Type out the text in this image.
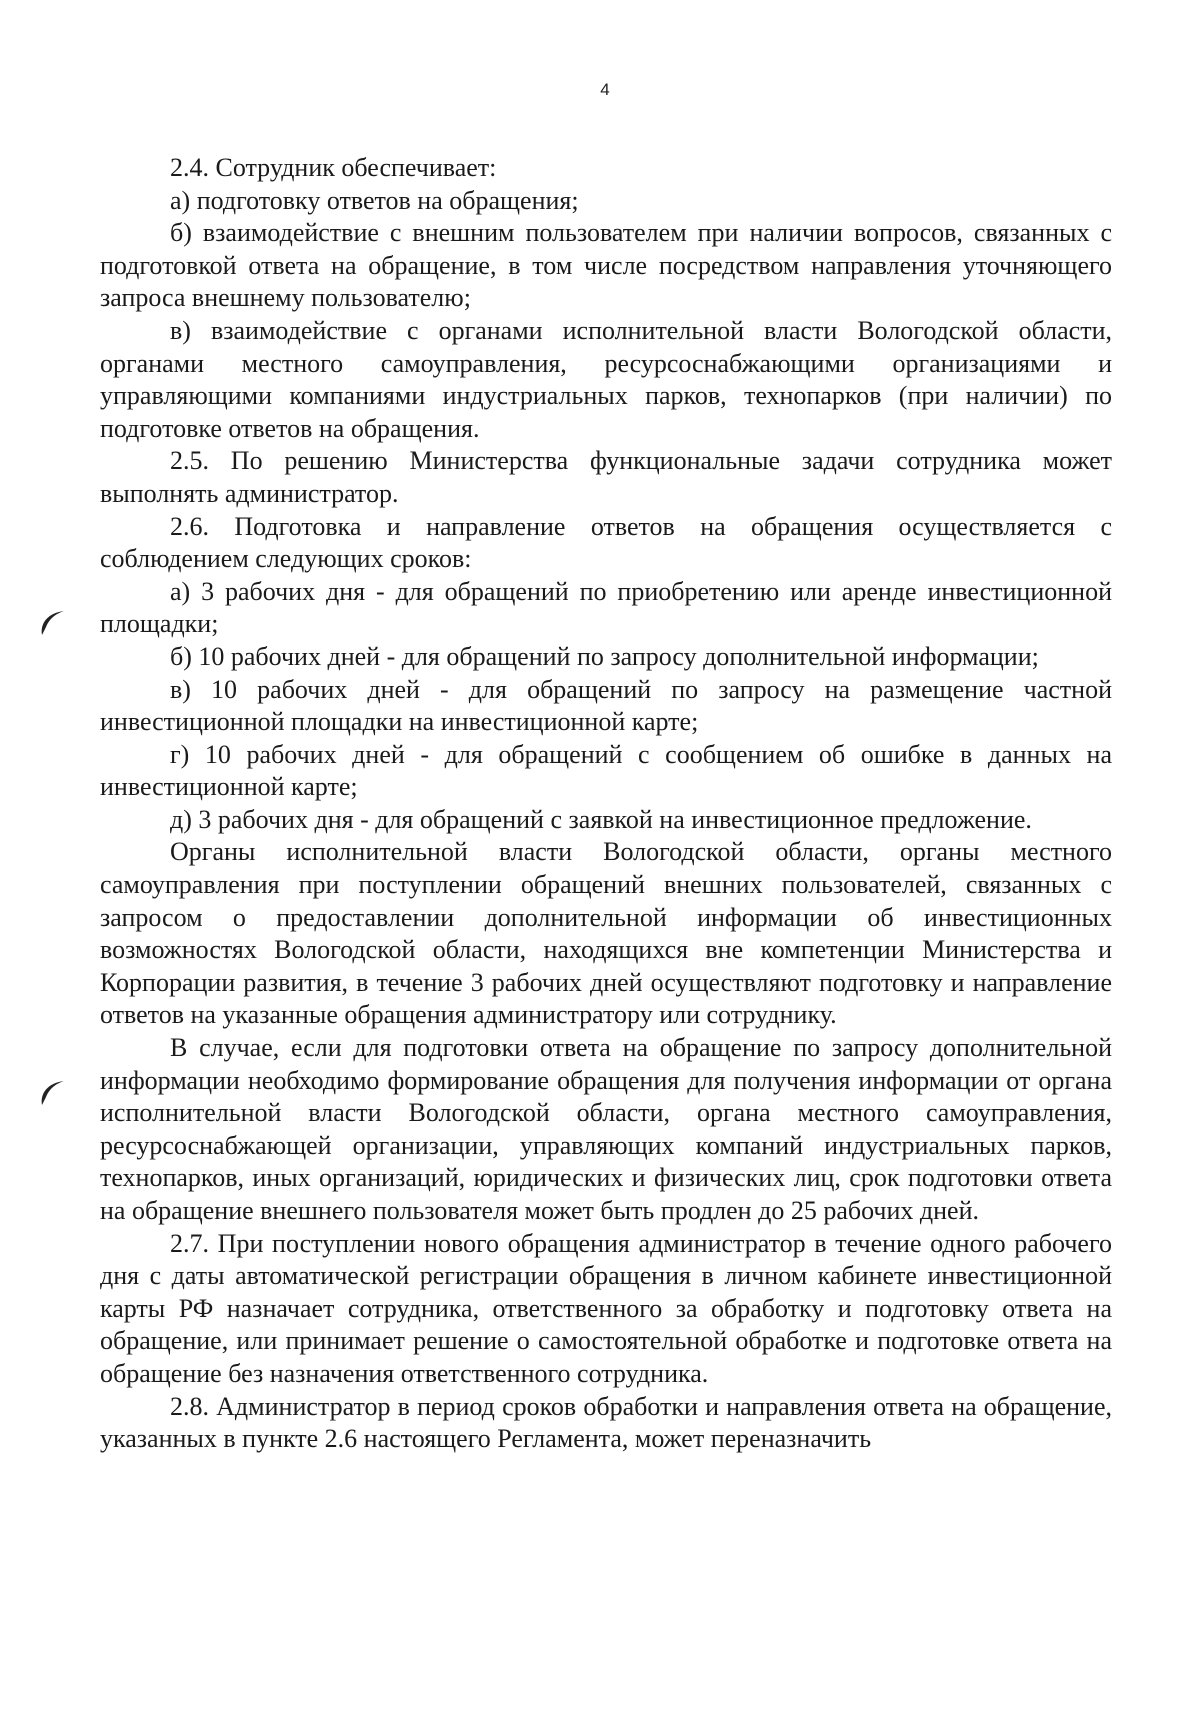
4

2.4. Сотрудник обеспечивает:

а) подготовку ответов на обращения;

б) взаимодействие с внешним пользователем при наличии вопросов, связанных с подготовкой ответа на обращение, в том числе посредством направления уточняющего запроса внешнему пользователю;

в) взаимодействие с органами исполнительной власти Вологодской области, органами местного самоуправления, ресурсоснабжающими организациями и управляющими компаниями индустриальных парков, технопарков (при наличии) по подготовке ответов на обращения.

2.5. По решению Министерства функциональные задачи сотрудника может выполнять администратор.

2.6. Подготовка и направление ответов на обращения осуществляется с соблюдением следующих сроков:

а) 3 рабочих дня - для обращений по приобретению или аренде инвестиционной площадки;

б) 10 рабочих дней - для обращений по запросу дополнительной информации;

в) 10 рабочих дней - для обращений по запросу на размещение частной инвестиционной площадки на инвестиционной карте;

г) 10 рабочих дней - для обращений с сообщением об ошибке в данных на инвестиционной карте;

д) 3 рабочих дня - для обращений с заявкой на инвестиционное предложение.

Органы исполнительной власти Вологодской области, органы местного самоуправления при поступлении обращений внешних пользователей, связанных с запросом о предоставлении дополнительной информации об инвестиционных возможностях Вологодской области, находящихся вне компетенции Министерства и Корпорации развития, в течение 3 рабочих дней осуществляют подготовку и направление ответов на указанные обращения администратору или сотруднику.

В случае, если для подготовки ответа на обращение по запросу дополнительной информации необходимо формирование обращения для получения информации от органа исполнительной власти Вологодской области, органа местного самоуправления, ресурсоснабжающей организации, управляющих компаний индустриальных парков, технопарков, иных организаций, юридических и физических лиц, срок подготовки ответа на обращение внешнего пользователя может быть продлен до 25 рабочих дней.

2.7. При поступлении нового обращения администратор в течение одного рабочего дня с даты автоматической регистрации обращения в личном кабинете инвестиционной карты РФ назначает сотрудника, ответственного за обработку и подготовку ответа на обращение, или принимает решение о самостоятельной обработке и подготовке ответа на обращение без назначения ответственного сотрудника.

2.8. Администратор в период сроков обработки и направления ответа на обращение, указанных в пункте 2.6 настоящего Регламента, может переназначить
